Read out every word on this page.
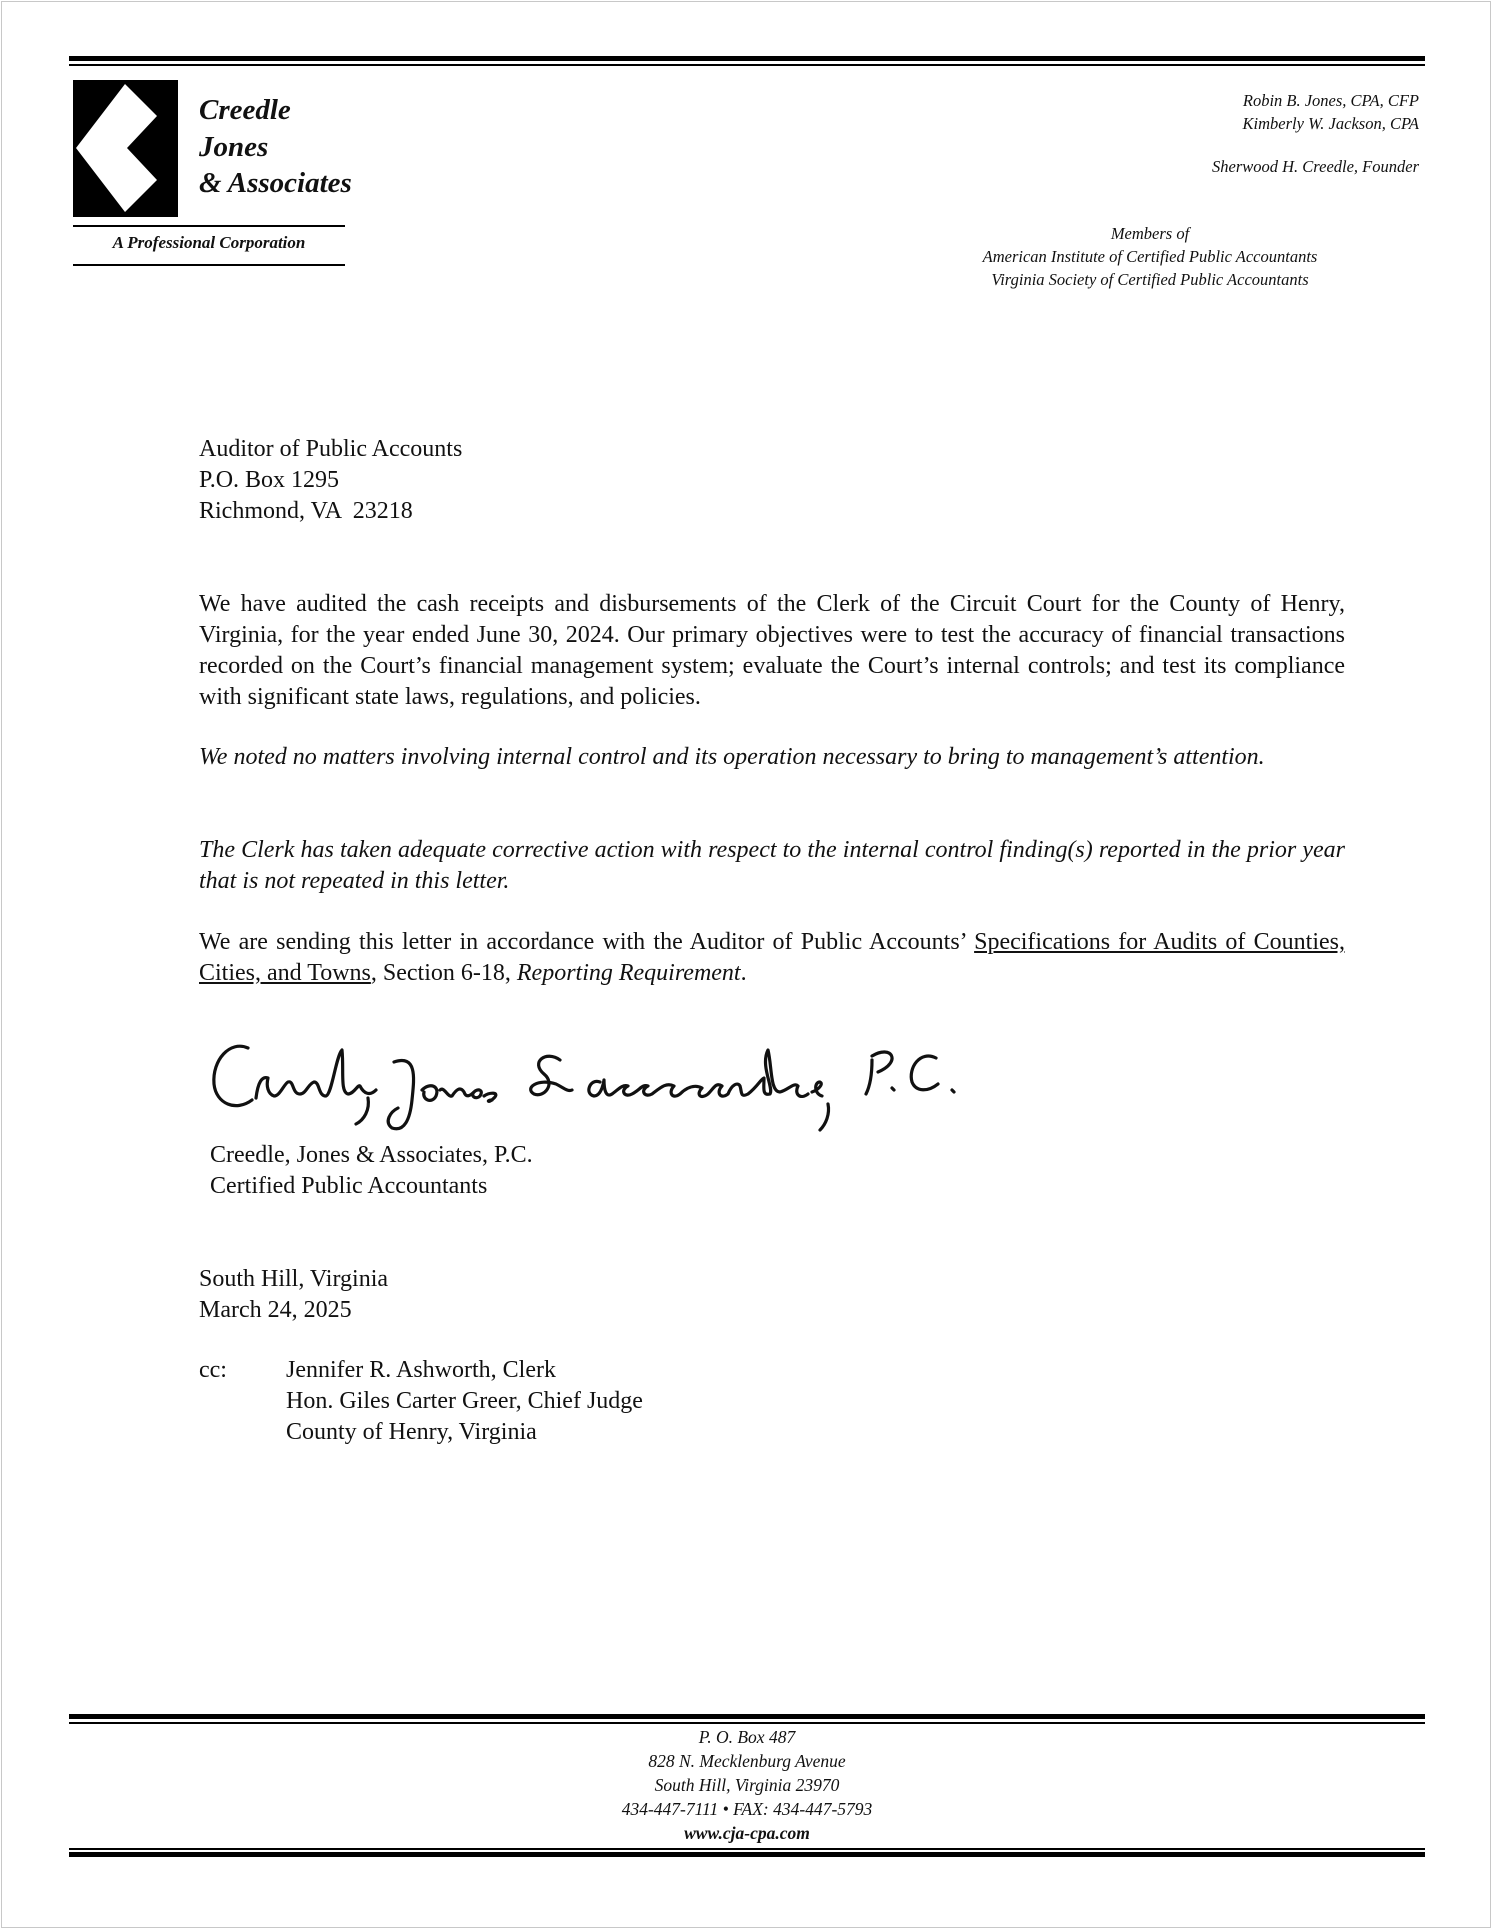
Creedle
Jones
& Associates
A Professional Corporation
Robin B. Jones, CPA, CFP
Kimberly W. Jackson, CPA
Sherwood H. Creedle, Founder
Members of
American Institute of Certified Public Accountants
Virginia Society of Certified Public Accountants
Auditor of Public Accounts
P.O. Box 1295
Richmond, VA  23218
We have audited the cash receipts and disbursements of the Clerk of the Circuit Court for the County of Henry, Virginia, for the year ended June 30, 2024. Our primary objectives were to test the accuracy of financial transactions recorded on the Court’s financial management system; evaluate the Court’s internal controls; and test its compliance with significant state laws, regulations, and policies.
We noted no matters involving internal control and its operation necessary to bring to management’s attention.
The Clerk has taken adequate corrective action with respect to the internal control finding(s) reported in the prior year that is not repeated in this letter.
We are sending this letter in accordance with the Auditor of Public Accounts’ Specifications for Audits of Counties, Cities, and Towns, Section 6-18, Reporting Requirement.
Creedle, Jones & Associates, P.C.
Certified Public Accountants
South Hill, Virginia
March 24, 2025
cc: Jennifer R. Ashworth, Clerk
Hon. Giles Carter Greer, Chief Judge
County of Henry, Virginia
P. O. Box 487
828 N. Mecklenburg Avenue
South Hill, Virginia 23970
434-447-7111 • FAX: 434-447-5793
www.cja-cpa.com
